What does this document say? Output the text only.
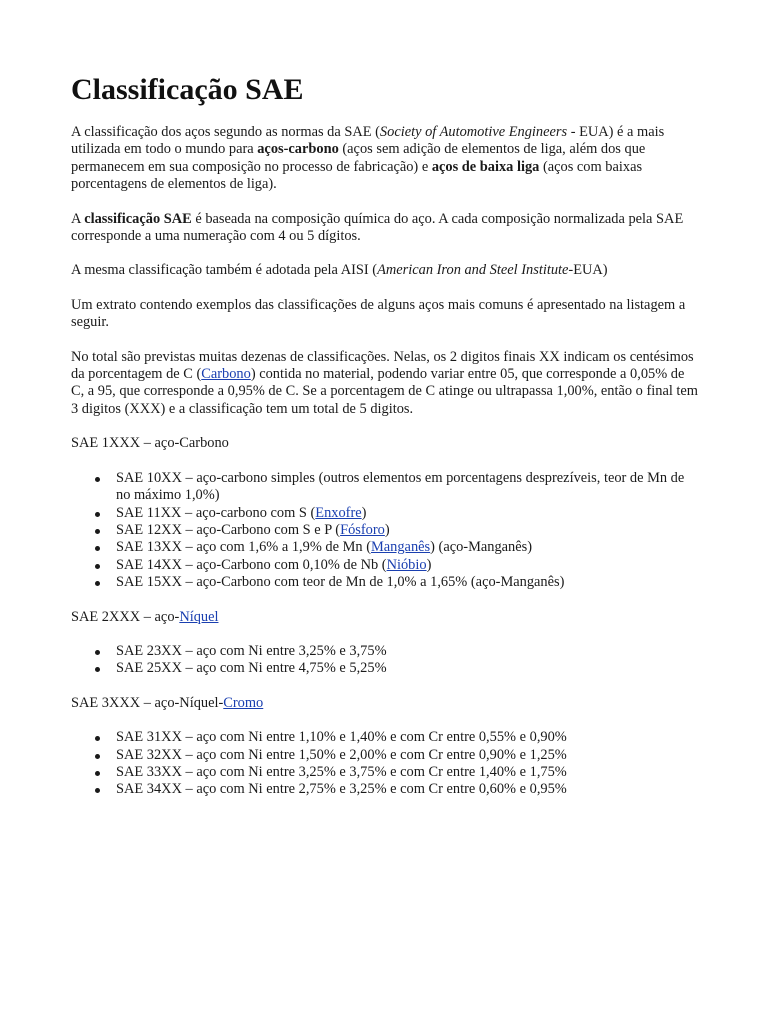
Classificação SAE

A classificação dos aços segundo as normas da SAE (Society of Automotive Engineers - EUA) é a mais utilizada em todo o mundo para aços-carbono (aços sem adição de elementos de liga, além dos que permanecem em sua composição no processo de fabricação) e aços de baixa liga (aços com baixas porcentagens de elementos de liga).

A classificação SAE é baseada na composição química do aço. A cada composição normalizada pela SAE corresponde a uma numeração com 4 ou 5 dígitos.

A mesma classificação também é adotada pela AISI (American Iron and Steel Institute-EUA)

Um extrato contendo exemplos das classificações de alguns aços mais comuns é apresentado na listagem a seguir.

No total são previstas muitas dezenas de classificações. Nelas, os 2 digitos finais XX indicam os centésimos da porcentagem de C (Carbono) contida no material, podendo variar entre 05, que corresponde a 0,05% de C, a 95, que corresponde a 0,95% de C. Se a porcentagem de C atinge ou ultrapassa 1,00%, então o final tem 3 digitos (XXX) e a classificação tem um total de 5 digitos.

SAE 1XXX – aço-Carbono

SAE 10XX – aço-carbono simples (outros elementos em porcentagens desprezíveis, teor de Mn de no máximo 1,0%)
SAE 11XX – aço-carbono com S (Enxofre)
SAE 12XX – aço-Carbono com S e P (Fósforo)
SAE 13XX – aço com 1,6% a 1,9% de Mn (Manganês) (aço-Manganês)
SAE 14XX – aço-Carbono com 0,10% de Nb (Nióbio)
SAE 15XX – aço-Carbono com teor de Mn de 1,0% a 1,65% (aço-Manganês)

SAE 2XXX – aço-Níquel

SAE 23XX – aço com Ni entre 3,25% e 3,75%
SAE 25XX – aço com Ni entre 4,75% e 5,25%

SAE 3XXX – aço-Níquel-Cromo

SAE 31XX – aço com Ni entre 1,10% e 1,40% e com Cr entre 0,55% e 0,90%
SAE 32XX – aço com Ni entre 1,50% e 2,00% e com Cr entre 0,90% e 1,25%
SAE 33XX – aço com Ni entre 3,25% e 3,75% e com Cr entre 1,40% e 1,75%
SAE 34XX – aço com Ni entre 2,75% e 3,25% e com Cr entre 0,60% e 0,95%
